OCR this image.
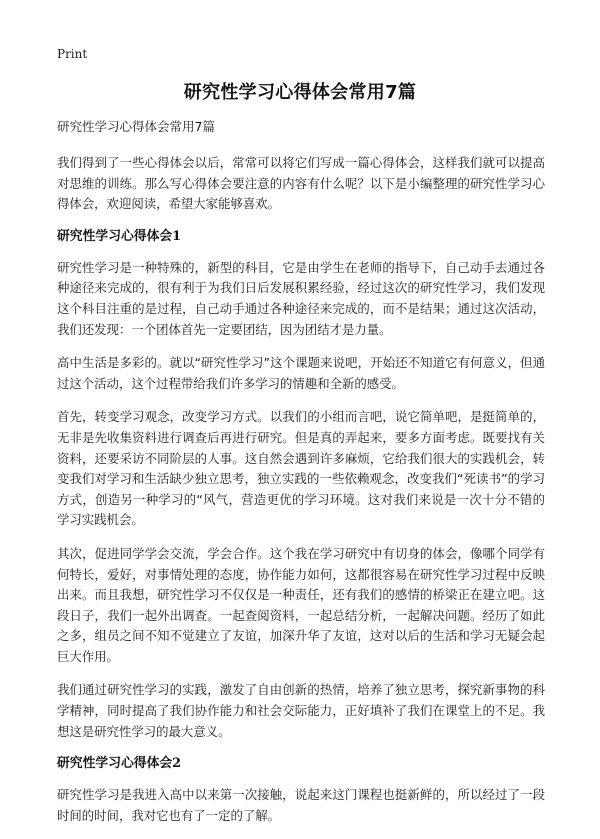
Print
研究性学习心得体会常用7篇
研究性学习心得体会常用7篇

我们得到了一些心得体会以后，常常可以将它们写成一篇心得体会，这样我们就可以提高对思维的训练。那么写心得体会要注意的内容有什么呢？以下是小编整理的研究性学习心得体会，欢迎阅读，希望大家能够喜欢。

研究性学习心得体会1

研究性学习是一种特殊的，新型的科目，它是由学生在老师的指导下，自己动手去通过各种途径来完成的，很有利于为我们日后发展积累经验，经过这次的研究性学习，我们发现这个科目注重的是过程，自己动手通过各种途径来完成的，而不是结果；通过这次活动，我们还发现：一个团体首先一定要团结，因为团结才是力量。

高中生活是多彩的。就以“研究性学习”这个课题来说吧，开始还不知道它有何意义，但通过这个活动，这个过程带给我们许多学习的情趣和全新的感受。

首先，转变学习观念，改变学习方式。以我们的小组而言吧，说它简单吧，是挺简单的，无非是先收集资料进行调查后再进行研究。但是真的弄起来，要多方面考虑。既要找有关资料，还要采访不同阶层的人事。这自然会遇到许多麻烦，它给我们很大的实践机会，转变我们对学习和生活缺少独立思考，独立实践的一些依赖观念，改变我们“死读书”的学习方式，创造另一种学习的“风气，营造更优的学习环境。这对我们来说是一次十分不错的学习实践机会。

其次，促进同学学会交流，学会合作。这个我在学习研究中有切身的体会，像哪个同学有何特长，爱好，对事情处理的态度，协作能力如何，这都很容易在研究性学习过程中反映出来。而且我想，研究性学习不仅仅是一种责任，还有我们的感情的桥梁正在建立吧。这段日子，我们一起外出调查。一起查阅资料，一起总结分析，一起解决问题。经历了如此之多，组员之间不知不觉建立了友谊，加深升华了友谊，这对以后的生活和学习无疑会起巨大作用。

我们通过研究性学习的实践，激发了自由创新的热情，培养了独立思考，探究新事物的科学精神，同时提高了我们协作能力和社会交际能力，正好填补了我们在课堂上的不足。我想这是研究性学习的最大意义。

研究性学习心得体会2

研究性学习是我进入高中以来第一次接触，说起来这门课程也挺新鲜的，所以经过了一段时间的时间，我对它也有了一定的了解。
